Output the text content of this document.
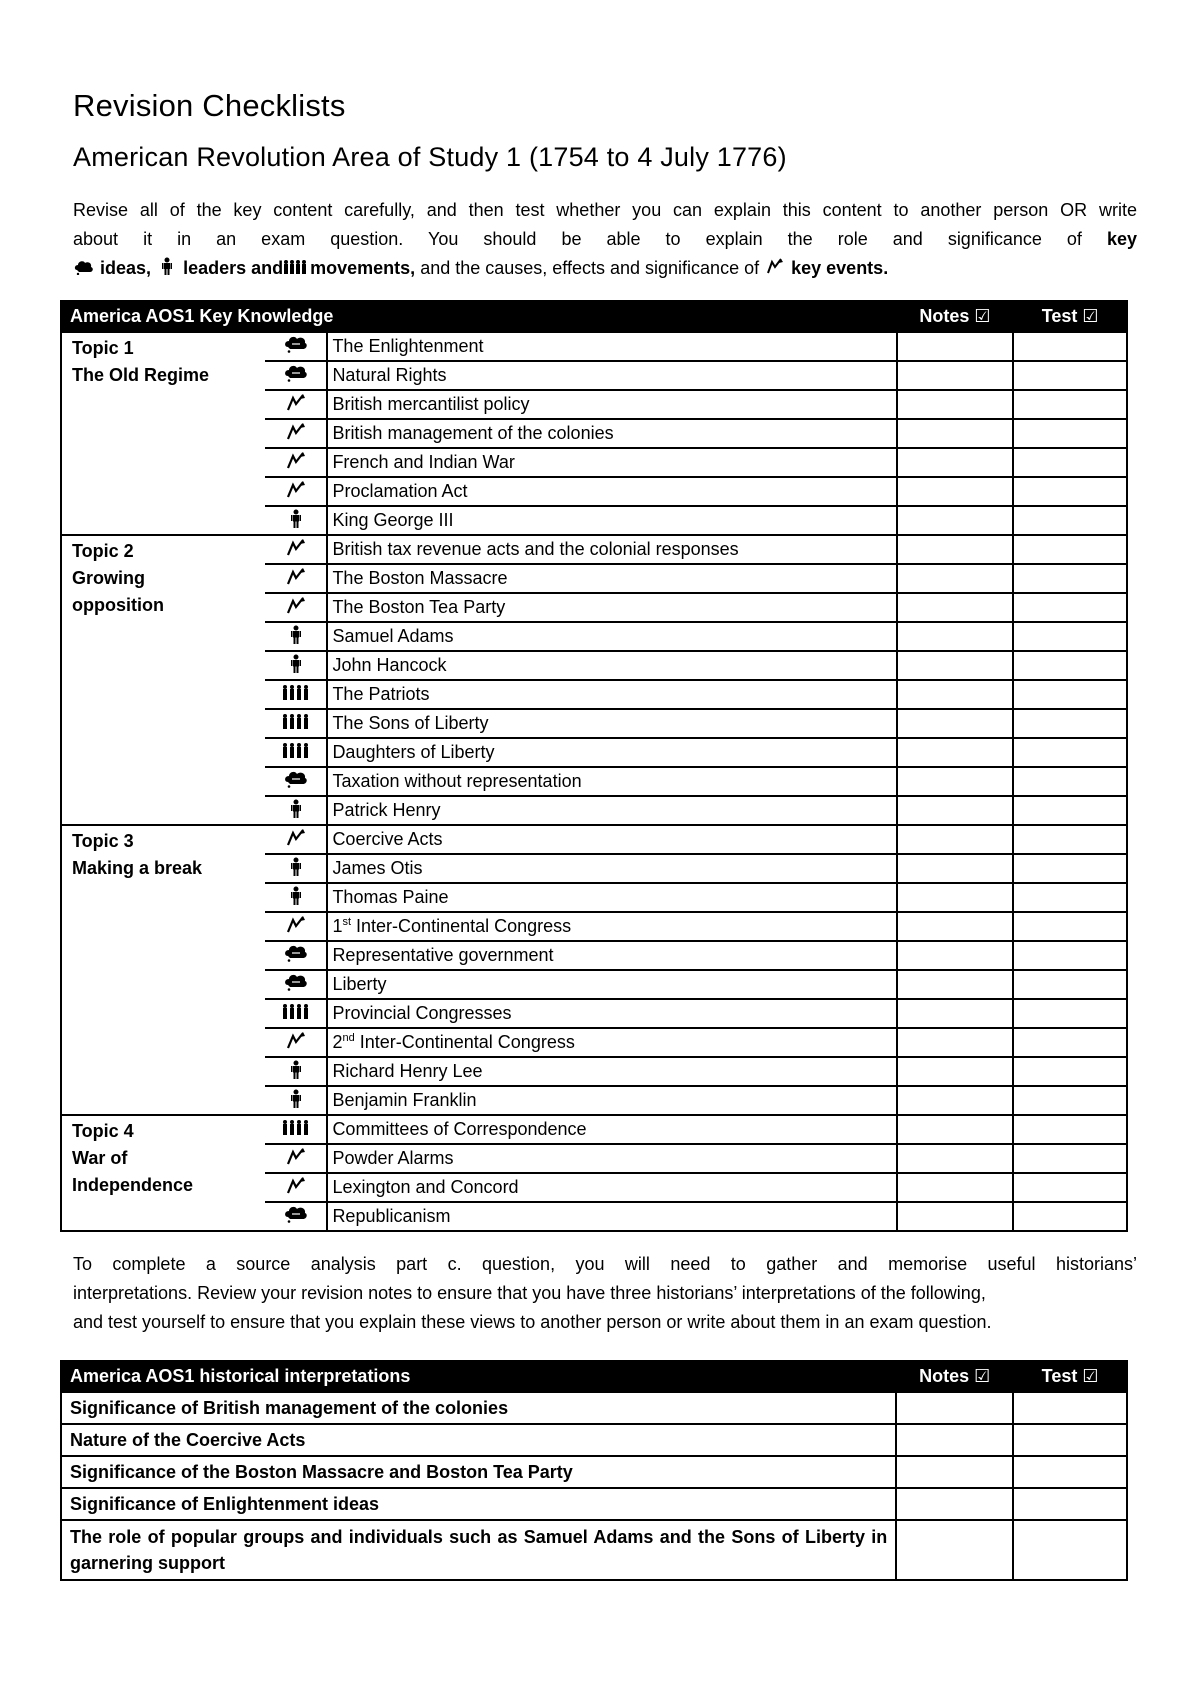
Revision Checklists
American Revolution Area of Study 1 (1754 to 4 July 1776)
Revise all of the key content carefully, and then test whether you can explain this content to another person OR write
about it in an exam question. You should be able to explain the role and significance of key
ideas, leaders and movements, and the causes, effects and significance of key events.
America AOS1 Key Knowledge			Notes ☑	Test ☑

Topic 1
The Old Regime		The Enlightenment		
	Natural Rights		
	British mercantilist policy		
	British management of the colonies		
	French and Indian War		
	Proclamation Act		
	King George III		

Topic 2
Growing
opposition		British tax revenue acts and the colonial responses		
	The Boston Massacre		
	The Boston Tea Party		
	Samuel Adams		
	John Hancock		
	The Patriots		
	The Sons of Liberty		
	Daughters of Liberty		
	Taxation without representation		
	Patrick Henry		

Topic 3
Making a break		Coercive Acts		
	James Otis		
	Thomas Paine		
	1st Inter-Continental Congress		
	Representative government		
	Liberty		
	Provincial Congresses		
	2nd Inter-Continental Congress		
	Richard Henry Lee		
	Benjamin Franklin		

Topic 4
War of
Independence		Committees of Correspondence		
	Powder Alarms		
	Lexington and Concord		
	Republicanism		
To complete a source analysis part c. question, you will need to gather and memorise useful historians’
interpretations. Review your revision notes to ensure that you have three historians’ interpretations of the following,
and test yourself to ensure that you explain these views to another person or write about them in an exam question.
America AOS1 historical interpretations	Notes ☑	Test ☑
Significance of British management of the colonies		
Nature of the Coercive Acts		
Significance of the Boston Massacre and Boston Tea Party		
Significance of Enlightenment ideas		
The role of popular groups and individuals such as Samuel Adams and the Sons of Liberty in garnering support		
